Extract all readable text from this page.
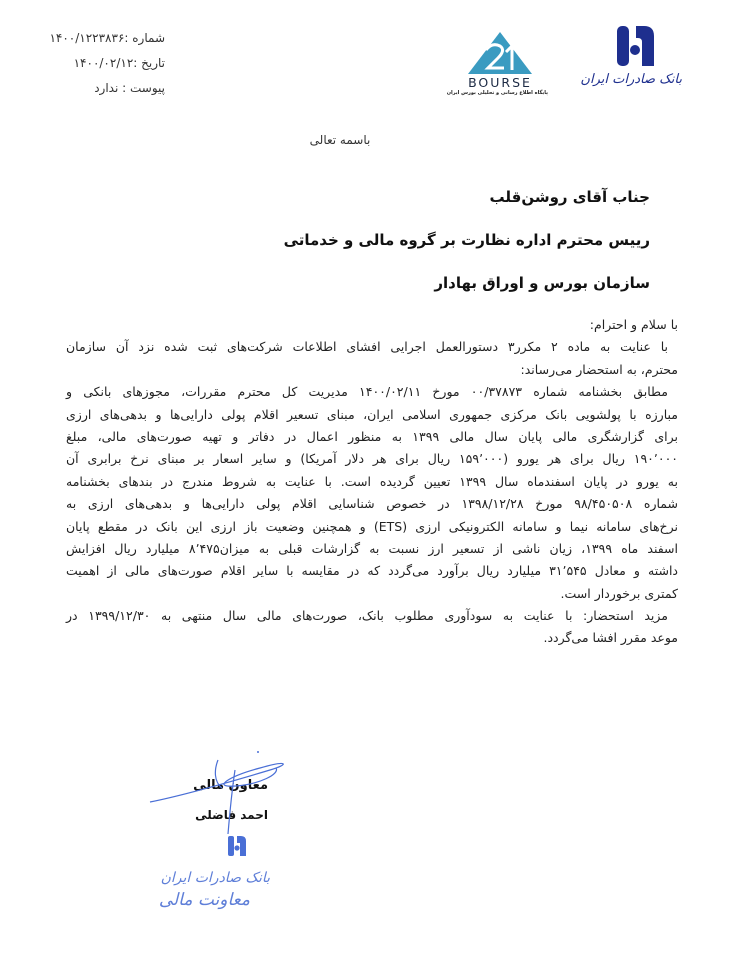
شماره :۱۴۰۰/۱۲۲۳۸۳۶
تاریخ :۱۴۰۰/۰۲/۱۲
پیوست : ندارد	BOURSE
پایگاه اطلاع رسانی و تحلیلی بورس ایران
بانک صادرات ایران
باسمه تعالی
جناب آقای روشن‌قلب
رییس محترم اداره نظارت بر گروه مالی و خدماتی
سازمان بورس و اوراق بهادار
با سلام و احترام:
با عنایت به ماده ۲ مکرر۳ دستورالعمل اجرایی افشای اطلاعات شرکت‌های ثبت شده نزد آن سازمان
محترم، به استحضار می‌رساند:
مطابق بخشنامه شماره ۰۰/۳۷۸۷۳ مورخ ۱۴۰۰/۰۲/۱۱ مدیریت کل محترم مقررات، مجوزهای بانکی و
مبارزه با پولشویی بانک مرکزی جمهوری اسلامی ایران، مبنای تسعیر اقلام پولی دارایی‌ها و بدهی‌های ارزی
برای گزارشگری مالی پایان سال مالی ۱۳۹۹ به منظور اعمال در دفاتر و تهیه صورت‌های مالی، مبلغ
۱۹۰٬۰۰۰ ریال برای هر یورو (۱۵۹٬۰۰۰ ریال برای هر دلار آمریکا) و سایر اسعار بر مبنای نرخ برابری آن
به یورو در پایان اسفندماه سال ۱۳۹۹ تعیین گردیده است. با عنایت به شروط مندرج در بندهای بخشنامه
شماره ۹۸/۴۵۰۵۰۸ مورخ ۱۳۹۸/۱۲/۲۸ در خصوص شناسایی اقلام پولی دارایی‌ها و بدهی‌های ارزی به
نرخ‌های سامانه نیما و سامانه الکترونیکی ارزی (ETS) و همچنین وضعیت باز ارزی این بانک در مقطع پایان
اسفند ماه ۱۳۹۹، زیان ناشی از تسعیر ارز نسبت به گزارشات قبلی به میزان۸٬۴۷۵ میلیارد ریال افزایش
داشته و معادل ۳۱٬۵۴۵ میلیارد ریال برآورد می‌گردد که در مقایسه با سایر اقلام صورت‌های مالی از اهمیت
کمتری برخوردار است.
مزید استحضار: با عنایت به سودآوری مطلوب بانک، صورت‌های مالی سال منتهی به ۱۳۹۹/۱۲/۳۰ در
موعد مقرر افشا می‌گردد.
معاون مالی
احمد فاضلی
بانک صادرات ایران
معاونت مالی
